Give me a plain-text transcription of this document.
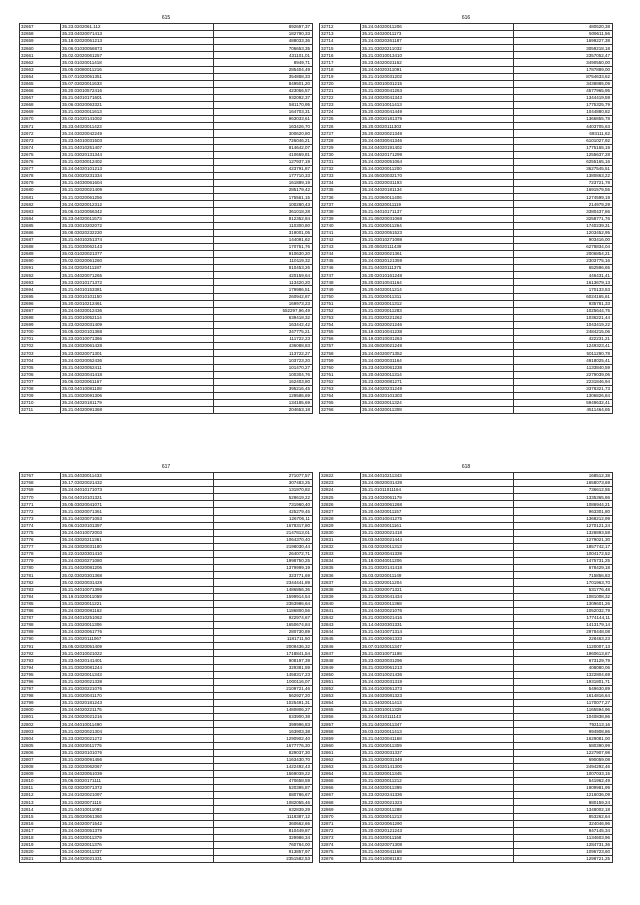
615
32657	35.23.0202061.112	892697,37
32658	35.23.04020071413	182790,33
32659	35.18.02020061213	488033,36
32660	35.06.01030056873	706653,35
32661	35.02.02020061257	431101,01
32662	35.03.01020011418	8949,71
32663	35.05.03080011216	285404,49
32664	35.07.01020051351	354858,33
32665	35.07.03020011633	849501,20
32666	35.20.03010572416	423056,57
32667	35.21.04010171601	932092,37
32668	35.06.03020063321	581170,95
32669	35.21.03020011613	164703,31
32670	35.02.01020141002	963033,61
32671	35.23.04020011423	163426,70
32672	35.24.03020042249	300620,80
32673	35.23.04010031503	726046,21
32674	35.21.04010251407	814642,07
32675	35.21.03020131344	410669,81
32676	35.21.02030012402	127937,19
32677	35.24.04020101213	423791,87
32678	35.04.03020231334	177710,33
32679	35.21.04030061604	161889,19
32680	35.21.02020021409	285179,42
32681	35.21.02020061256	175561,15
32682	35.24.02020012312	100280,43
32683	35.06.01020056342	361018,28
32684	35.23.04020011573	812352,84
32685	35.23.03010202072	110300,80
32686	35.08.03020232230	319001,05
32687	35.21.04010251374	144091,62
32688	35.21.03030062143	170751,76
32689	35.03.01020021377	910630,20
32690	35.02.02020061260	110119,32
32691	35.24.02020411187	810453,26
32692	35.21.04020071265	420159,64
32693	35.23.02010171372	113420,20
32694	35.21.04010153381	179986,51
32695	35.23.03010101150	260942,87
32696	35.20.02010212461	169973,23
32697	35.24.04020012436	552297,96,49
32698	35.21.03010052114	639418,32
32699	35.23.02020031409	163442,42
32700	35.05.02020101368	347775,21
32701	35.23.02010071366	111722,23
32702	35.24.03020061428	436088,83
32703	35.23.03020071301	113722,27
32704	35.24.02020052436	103723,20
32705	35.21.04020052411	101470,27
32706	35.24.03020041418	100304,76
32707	35.06.02020061167	162403,80
32708	35.03.04010081108	395216,45
32709	35.21.03020091306	129586,69
32710	35.24.04020181179	134185,69
32711	35.21.04020091368	204653,18
616
32712	35.24.04020011206	480520,38
32713	35.21.04020011173	509611,56
32714	35.24.03020261187	1699227,38
32715	35.21.03020211032	3059218,18
32716	35.21.03010013410	2357052,47
32717	35.23.04020021162	3490550,00
32718	35.24.04020311091	1787889,00
32719	35.21.01020031202	8754633,62
32720	35.21.03010031215	3438885,09
32721	35.21.03020041263	4577965,95
32722	35.24.03020041343	1344419,59
32723	35.21.03010011413	1775325,79
32724	35.20.03020041449	1044880,82
32725	35.20.03020181379	1366855,78
32726	35.20.03020111303	4403705,63
32727	35.20.03020021349	693111,62
32728	35.24.04030041346	6101027,92
32729	35.24.04020191402	1775165,19
32730	35.24.04020171299	1255637,28
32731	35.24.03020051064	6255165,16
32732	35.24.03020011200	3627545,51
32733	35.24.05020032170	1380863,22
32734	35.21.03020031193	723721,78
32735	35.24.04020181134	1691579,55
32736	35.21.02060011406	1274599,19
32737	35.24.03020011119	214979,29
32738	35.21.04010171137	3380437,86
32739	35.21.05020031068	3258771,76
32740	35.21.03020011264	1740239,31
32741	35.21.03020051523	1203452,95
32742	35.21.03010271088	903416,00
32743	35.20.05020111439	6278834,04
32744	35.24.03020021361	2006854,21
32745	35.24.03020121359	2303775,16
32746	35.21.04020111375	652596,65
32747	35.20.02010161248	446431,41
32748	35.20.03010041164	1613679,13
32749	35.20.04020011214	170133,53
32750	35.21.03020011311	6024165,61
32751	35.20.03020011312	935781,33
32752	35.21.03020011283	1025644,75
32753	35.21.03020221262	1036221,44
32754	35.21.03020021246	1043419,22
32755	35.19.03010041238	2484215,06
32756	35.19.03010031263	422231,21
32757	35.24.05020021249	1249323,41
32758	35.24.04020071352	5011290,78
32759	35.24.03020031164	4918025,41
32760	35.23.04020061238	1133840,59
32761	35.20.04020011314	2279039,06
32762	35.23.03020081271	2231846,94
32763	35.24.04020231249	3378321,73
32764	35.23.04020101303	1306826,84
32765	35.24.03020011324	5949632,41
32766	35.24.04020011308	4511464,65
617
32767	35.21.04030011433	271077,57
32768	35.17.03020021432	307483,25
32769	35.24.04010171073	131970,82
32770	35.04.04010101321	529619,22
32771	35.05.03020041071	731960,40
32772	35.21.03020071361	425279,45
32773	35.21.04020071053	126706,11
32774	35.06.01020101397	1678317,80
32775	35.24.04010072003	2147813,01
32776	35.24.03020211361	1064370,40
32777	35.24.03020031180	2198030,44
32778	35.22.01020301410	264072,71
32779	35.24.03020271080	1998750,25
32780	35.21.04020081206	1379999,19
32781	35.02.03020301368	323771,69
32782	35.02.03020031428	2344441,89
32783	35.21.04010071399	1486856,36
32784	35.19.01020011059	1599914,54
32785	35.21.03020011221	2353986,64
32786	35.24.03020081162	1186800,56
32787	35.24.04010251062	922974,67
32788	35.21.03020011306	1650674,84
32789	35.24.03020061776	280730,89
32790	35.21.03020111067	1181711,50
32791	35.05.02020051409	2009436,32
32792	35.21.04010021022	1718841,54
32793	35.23.04020141401	908197,39
32794	35.21.03020081244	329381,59
32795	35.23.02020011343	1458317,23
32796	35.21.02020021338	1000116,07
32797	35.21.03020221076	2109721,46
32798	35.21.03020041170	562927,20
32799	35.21.02020181243	1025491,31
32800	35.24.04020221175	1480806,27
32801	35.24.03020021216	633900,38
32802	35.24.04010011490	399996,83
32803	35.21.02020021304	163903,38
32804	35.23.03020021272	1290902,40
32805	35.24.03020011775	1677776,30
32806	35.21.03020101076	829037,30
32807	35.21.03020091456	1163430,70
32808	35.22.03020062067	1422492,43
32809	35.24.04020051039	1569039,22
32810	35.06.03020171111	470658,59
32811	35.02.03020071372	520395,87
32812	35.24.01020021097	580786,67
32813	35.21.03020071110	1082055,46
32814	35.21.04010011092	632839,29
32815	35.21.05020061360	1118387,12
32816	35.24.04020071542	360662,66
32817	35.24.04020051379	810449,87
32818	35.21.04020011379	329986,34
32819	35.24.02020011376	760784,00
32820	35.24.04020011337	913857,97
32821	35.24.04020021331	2351582,53
618
32822	35.24.04010211343	168512,38
32823	35.24.05020031439	1658073,69
32824	35.21.01011011164	736612,55
32825	35.23.04020061179	1335365,86
32826	35.24.04020061268	1086944,21
32827	35.20.04020011157	963301,80
32828	35.21.03010041275	1368212,99
32829	35.21.04020011161	1270121,24
32830	35.21.03020021418	1328893,58
32831	35.03.04020021444	1279021,30
32832	35.03.02020011313	1857742,17
32833	35.23.03020041339	1004172,52
32834	35.18.03040011206	1475731,25
32835	35.21.03020141418	678429,18
32836	35.03.02020011149	715856,83
32837	35.21.03020011204	1701963,70
32838	35.21.03020071321	531776,48
32839	35.21.03020041434	1081008,32
32840	35.21.03020011368	1309601,26
32841	35.24.04020021076	1052032,79
32842	35.21.03030021416	1774144,11
32843	35.14.04020301331	1413179,14
32844	35.21.04010071314	2978448,08
32845	35.21.03020061333	228463,23
32846	35.07.01020011347	1120007,13
32847	35.21.03010071198	1960613,67
32848	35.23.03020031296	673129,79
32849	35.21.03020061213	408080,06
32850	35.24.03010021436	1322804,69
32851	35.24.03020031319	1931801,71
32852	35.24.01020051373	549630,89
32853	35.24.04020081323	1614816,64
32854	35.21.04020011413	1170077,27
32855	35.21.03010011329	1165594,96
32856	35.24.04010111143	1040838,86
32857	35.21.04020011347	792113,16
32858	35.03.01020011413	994908,86
32859	35.21.04020041168	1629081,00
32860	35.21.03020011309	580390,99
32861	35.21.03020031337	1227907,98
32862	35.21.03020031349	690059,08
32863	35.21.04020141300	2494292,46
32864	35.21.03020011345	1007033,15
32865	35.21.03020011212	541962,49
32866	35.24.04020011399	1909981,99
32867	35.23.02020241336	1216036,09
32868	35.22.02020021323	880159,24
32869	35.24.02020011288	1348002,18
32870	35.21.03020011213	853262,64
32871	35.21.02020061290	324046,96
32872	35.20.03020121243	947145,34
32873	35.21.04020011168	1134603,96
32874	35.24.04020071308	1284731,36
32875	35.21.04020041168	1096723,60
32876	35.21.04010081183	1298721,25
